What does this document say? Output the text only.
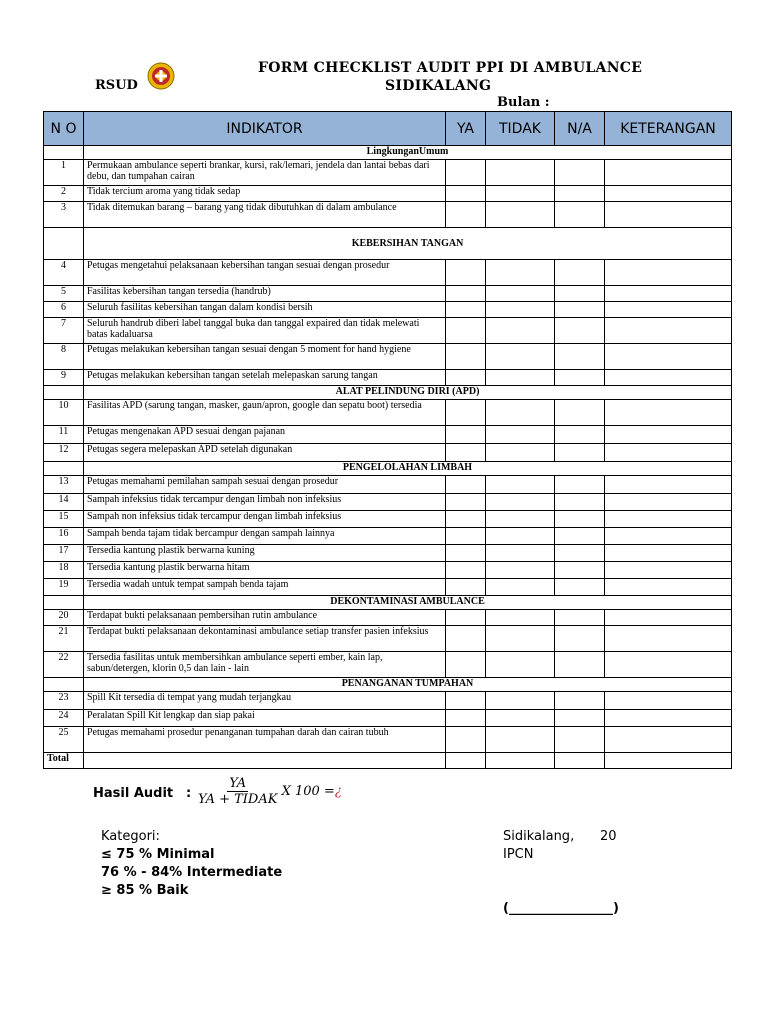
FORM CHECKLIST AUDIT PPI DI AMBULANCE
SIDIKALANG
RSUD
Bulan :
N O	INDIKATOR	YA	TIDAK	N/A	KETERANGAN
	LingkunganUmum				
1	Permukaan ambulance seperti brankar, kursi, rak/lemari, jendela dan lantai bebas dari debu, dan tumpahan cairan				
2	Tidak tercium aroma yang tidak sedap				
3	Tidak ditemukan barang – barang yang tidak dibutuhkan di dalam ambulance				
	KEBERSIHAN TANGAN				
4	Petugas mengetahui pelaksanaan kebersihan tangan sesuai dengan prosedur				
5	Fasilitas kebersihan tangan tersedia (handrub)				
6	Seluruh fasilitas kebersihan tangan dalam kondisi bersih				
7	Seluruh handrub diberi label tanggal buka dan tanggal expaired dan tidak melewati batas kadaluarsa				
8	Petugas melakukan kebersihan tangan sesuai dengan 5 moment for hand hygiene				
9	Petugas melakukan kebersihan tangan setelah melepaskan sarung tangan				
	ALAT PELINDUNG DIRI (APD)				
10	Fasilitas APD (sarung tangan, masker, gaun/apron, google dan sepatu boot) tersedia				
11	Petugas mengenakan APD sesuai dengan pajanan				
12	Petugas segera melepaskan APD setelah digunakan				
	PENGELOLAHAN LIMBAH				
13	Petugas memahami pemilahan sampah sesuai dengan prosedur				
14	Sampah infeksius tidak tercampur dengan limbah non infeksius				
15	Sampah non infeksius tidak tercampur dengan limbah infeksius				
16	Sampah benda tajam tidak bercampur dengan sampah lainnya				
17	Tersedia kantung plastik berwarna kuning				
18	Tersedia kantung plastik berwarna hitam				
19	Tersedia wadah untuk tempat sampah benda tajam				
	DEKONTAMINASI AMBULANCE				
20	Terdapat bukti pelaksanaan pembersihan rutin ambulance				
21	Terdapat bukti pelaksanaan dekontaminasi ambulance setiap transfer pasien infeksius				
22	Tersedia fasilitas untuk membersihkan ambulance seperti ember, kain lap, sabun/detergen, klorin 0,5 dan lain - lain				
	PENANGANAN TUMPAHAN				
23	Spill Kit tersedia di tempat yang mudah terjangkau				
24	Peralatan Spill Kit lengkap dan siap pakai				
25	Petugas memahami prosedur penanganan tumpahan darah dan cairan tubuh				
Total					
Hasil Audit : $\frac{YA}{\text{YA + TIDAK}}$ X 100 =¿
Kategori:
≤ 75 % Minimal
76 % - 84% Intermediate
≥ 85 % Baik
Sidikalang, 20
IPCN
(________________)
